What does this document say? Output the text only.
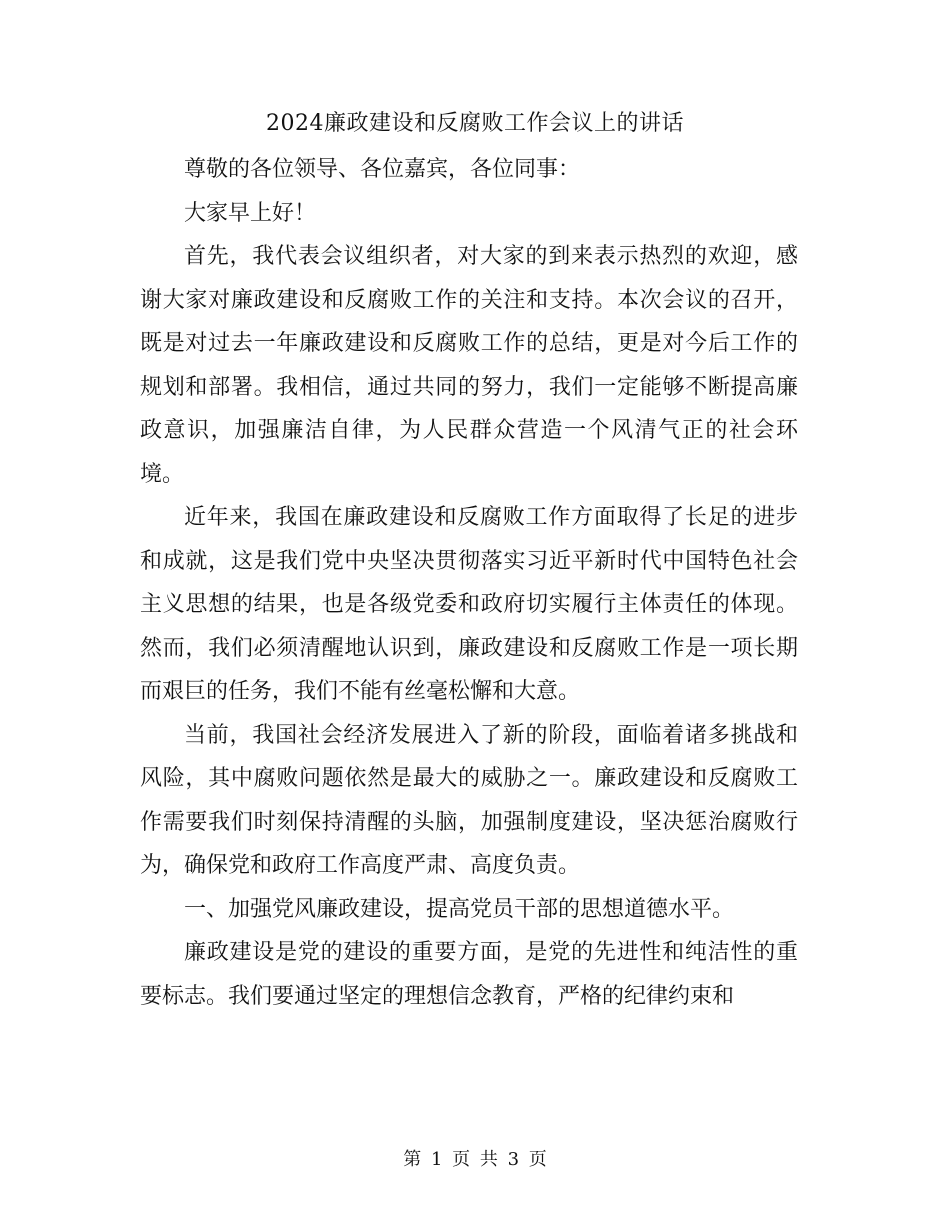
2024廉政建设和反腐败工作会议上的讲话

尊敬的各位领导、各位嘉宾，各位同事：

大家早上好！

首先，我代表会议组织者，对大家的到来表示热烈的欢迎，感谢大家对廉政建设和反腐败工作的关注和支持。本次会议的召开，既是对过去一年廉政建设和反腐败工作的总结，更是对今后工作的规划和部署。我相信，通过共同的努力，我们一定能够不断提高廉政意识，加强廉洁自律，为人民群众营造一个风清气正的社会环境。

近年来，我国在廉政建设和反腐败工作方面取得了长足的进步和成就，这是我们党中央坚决贯彻落实习近平新时代中国特色社会主义思想的结果，也是各级党委和政府切实履行主体责任的体现。然而，我们必须清醒地认识到，廉政建设和反腐败工作是一项长期而艰巨的任务，我们不能有丝毫松懈和大意。

当前，我国社会经济发展进入了新的阶段，面临着诸多挑战和风险，其中腐败问题依然是最大的威胁之一。廉政建设和反腐败工作需要我们时刻保持清醒的头脑，加强制度建设，坚决惩治腐败行为，确保党和政府工作高度严肃、高度负责。

一、加强党风廉政建设，提高党员干部的思想道德水平。

廉政建设是党的建设的重要方面，是党的先进性和纯洁性的重要标志。我们要通过坚定的理想信念教育，严格的纪律约束和

第 1 页 共 3 页
